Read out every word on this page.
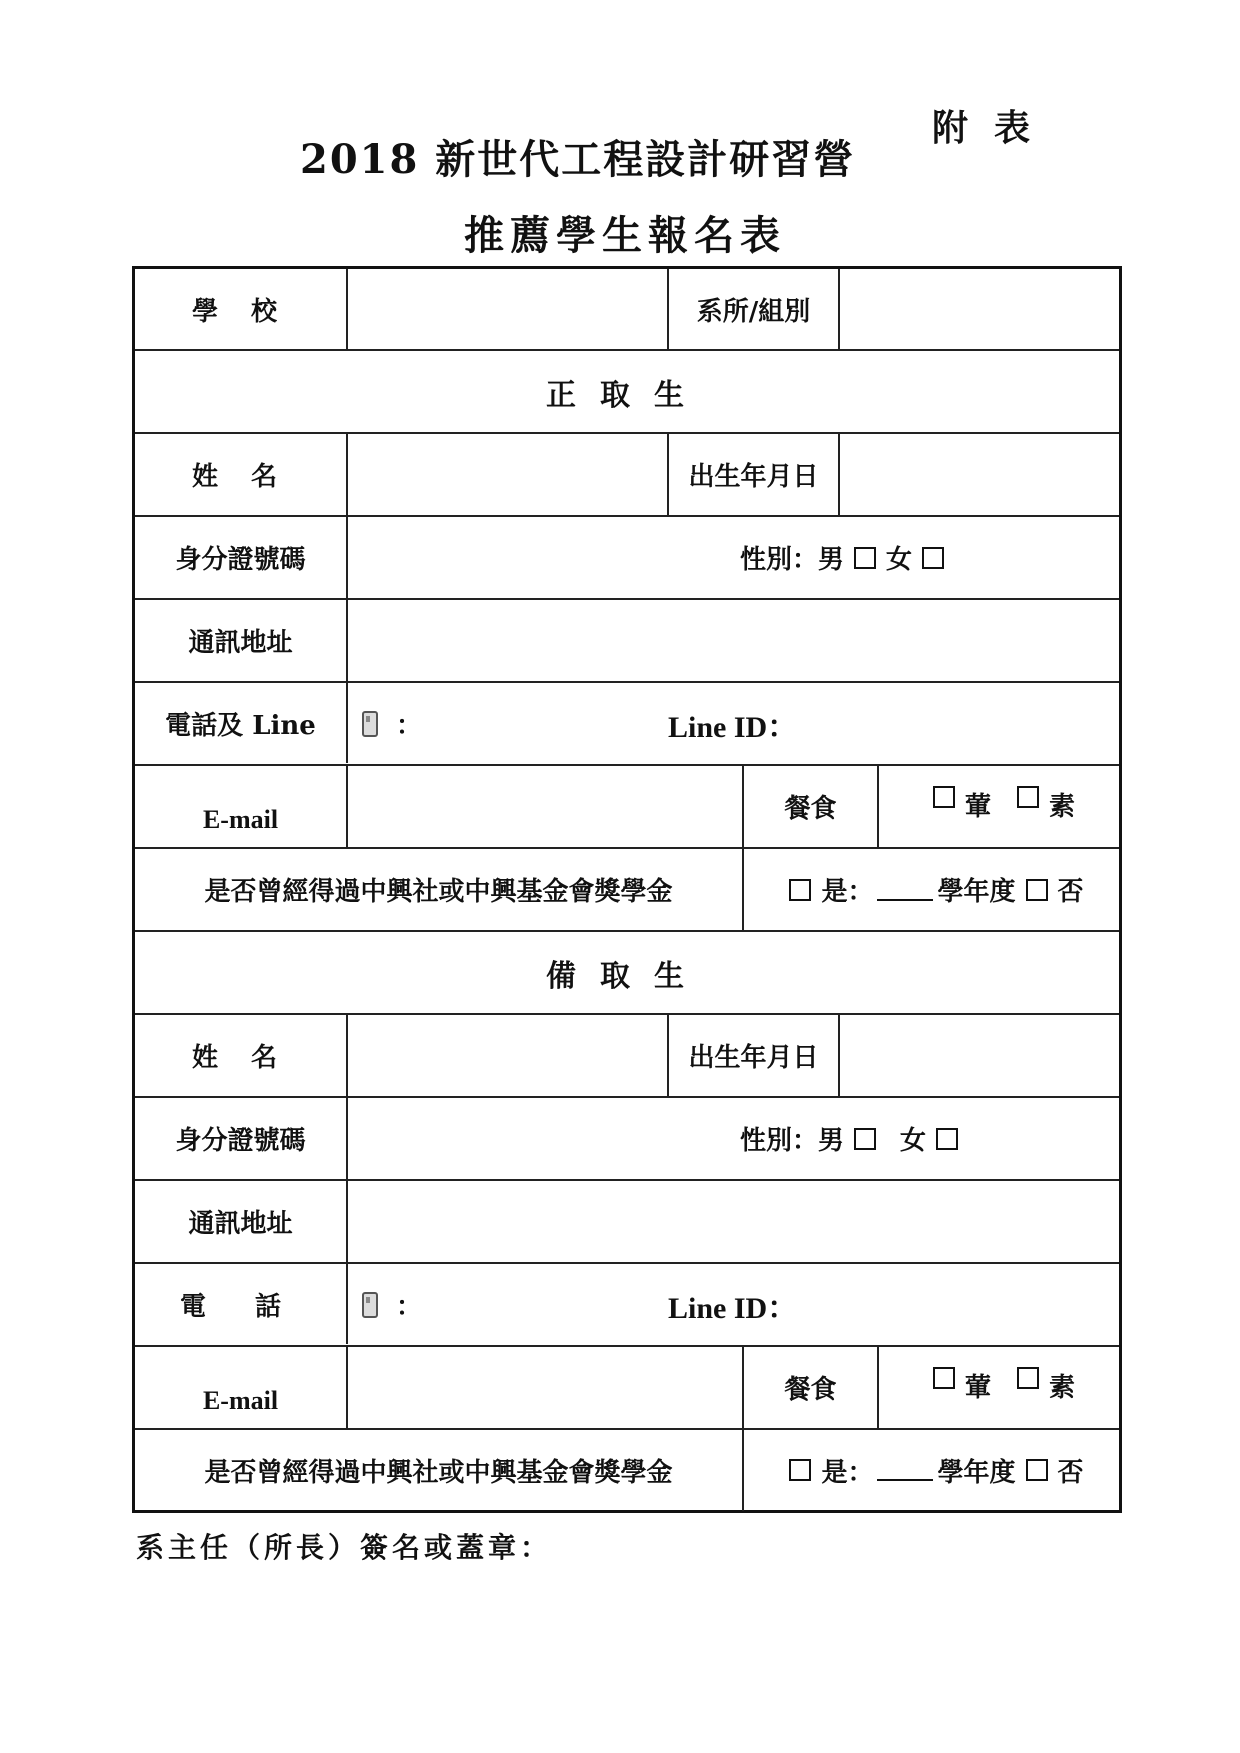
附表
2018 新世代工程設計研習營
推薦學生報名表
學 校	系所/組別
正取生
姓 名	出生年月日
身分證號碼	性別：男 女
通訊地址
電話及 Line	：	Line ID：
E-mail	餐食	葷 素
是否曾經得過中興社或中興基金會獎學金	是： 學年度 否
備取生
姓 名	出生年月日
身分證號碼	性別：男 女
通訊地址
電 話	：	Line ID：
E-mail	餐食	葷 素
是否曾經得過中興社或中興基金會獎學金	是： 學年度 否
系主任（所長）簽名或蓋章：
